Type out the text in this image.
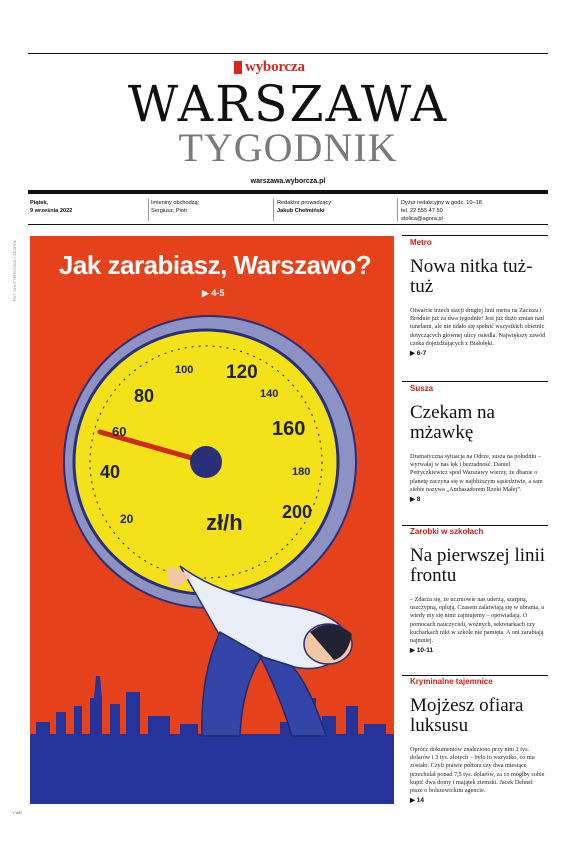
wyborcza
WARSZAWA
TYGODNIK
warszawa.wyborcza.pl
Piątek,
9 września 2022
Imieniny obchodzą:
Sergiusz, Piotr
Redaktor prowadzący:
Jakub Chełmiński
Dyżur redakcyjny w godz. 10–18
tel. 22 555 47 50
stolica@agora.pl
FOT. SHUTTERSTOCK / ZESPÓŁ	Jak zarabiasz, Warszawo?
▶ 4-5
20
40
60
80
100 120
140
160
180
200
zł/h
1 WR
Metro
Nowa nitka tuż-tuż
Otwarcie trzech stacji drugiej linii metra na Zaciszu i Bródnie już za dwa tygodnie! Jest już dużo zmian nad tunelami, ale nie udało się spełnić wszystkich obietnic dotyczących głównej ulicy osiedla. Największy zawód czeka dojeżdżających z Białołęki.
▶ 6-7
Susza
Czekam na mżawkę
Dramatyczna sytuacja na Odrze, susza na południu – wyrwałaj w nas lęk i bezradność. Daniel Petryczkiewicz spod Warszawy wierzy, że dbanie o planetę zaczyna się w najbliższym sąsiedztwie, a sam siebie nazywa „Ambasadorem Rzeki Małej”.
▶ 8
Zarobki w szkołach
Na pierwszej linii frontu
– Zdarza się, że uczniowie nas uderzą, szarpną, uszczypną, oplują. Czasem zalatwiają się w ubrania, a wtedy my się nimi zajmujemy – opowiadają. O pomocach nauczycieli, woźnych, sekretarkach czy kucharkach nikt w szkole nie pamięta. A oni zarabiają najmniej.
▶ 10-11
Kryminalne tajemnice
Mojżesz ofiara luksusu
Oprócz dokumentów znaleziono przy nim 2 tys. dolarów i 3 tys. złotych – było to wszystko, co mu zostało. Czyli prawie półtora czy dwa miesiące przechulał ponad 7,5 tys. dolarów, za co mógłby sobie kupić dwa domy i majątek ziemski. Jacek Dehnel pisze o bolszewickim agencie.
▶ 14
